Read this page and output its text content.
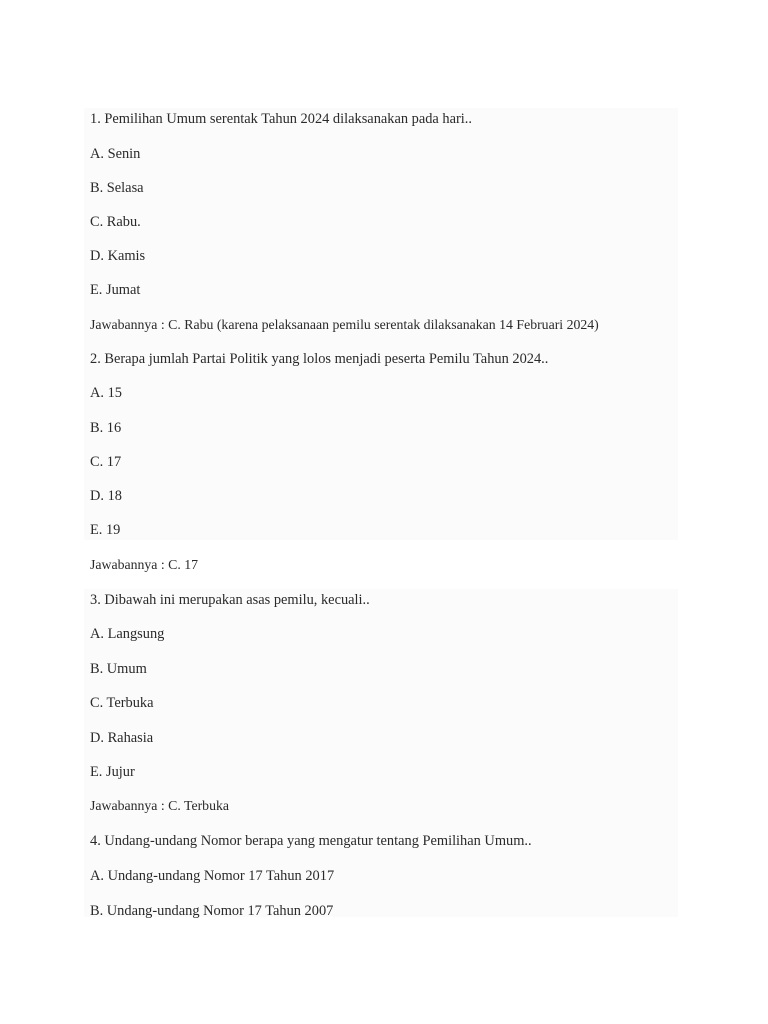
1. Pemilihan Umum serentak Tahun 2024 dilaksanakan pada hari..
A. Senin
B. Selasa
C. Rabu.
D. Kamis
E. Jumat
Jawabannya : C. Rabu (karena pelaksanaan pemilu serentak dilaksanakan 14 Februari 2024)
2. Berapa jumlah Partai Politik yang lolos menjadi peserta Pemilu Tahun 2024..
A. 15
B. 16
C. 17
D. 18
E. 19
Jawabannya : C. 17
3. Dibawah ini merupakan asas pemilu, kecuali..
A. Langsung
B. Umum
C. Terbuka
D. Rahasia
E. Jujur
Jawabannya : C. Terbuka
4. Undang-undang Nomor berapa yang mengatur tentang Pemilihan Umum..
A. Undang-undang Nomor 17 Tahun 2017
B. Undang-undang Nomor 17 Tahun 2007
